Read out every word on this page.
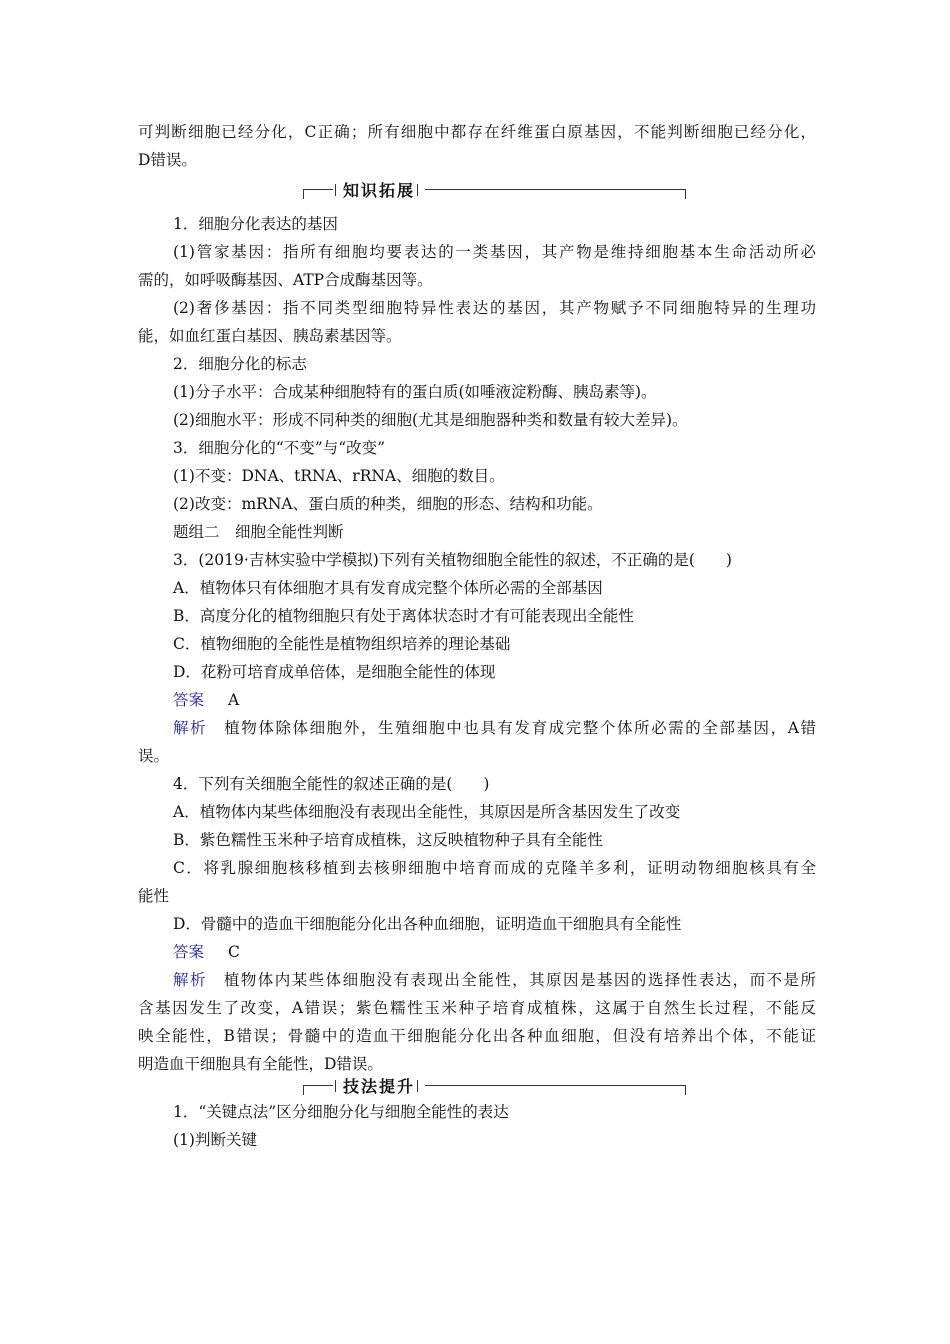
可判断细胞已经分化，C正确；所有细胞中都存在纤维蛋白原基因，不能判断细胞已经分化，
D错误。
知识拓展
1．细胞分化表达的基因
(1)管家基因：指所有细胞均要表达的一类基因，其产物是维持细胞基本生命活动所必
需的，如呼吸酶基因、ATP合成酶基因等。
(2)奢侈基因：指不同类型细胞特异性表达的基因，其产物赋予不同细胞特异的生理功
能，如血红蛋白基因、胰岛素基因等。
2．细胞分化的标志
(1)分子水平：合成某种细胞特有的蛋白质(如唾液淀粉酶、胰岛素等)。
(2)细胞水平：形成不同种类的细胞(尤其是细胞器种类和数量有较大差异)。
3．细胞分化的“不变”与“改变”
(1)不变：DNA、tRNA、rRNA、细胞的数目。
(2)改变：mRNA、蛋白质的种类，细胞的形态、结构和功能。
题组二　细胞全能性判断
3．(2019·吉林实验中学模拟)下列有关植物细胞全能性的叙述，不正确的是(　　)
A．植物体只有体细胞才具有发育成完整个体所必需的全部基因
B．高度分化的植物细胞只有处于离体状态时才有可能表现出全能性
C．植物细胞的全能性是植物组织培养的理论基础
D．花粉可培育成单倍体，是细胞全能性的体现
答案 A
解析　 植物体除体细胞外，生殖细胞中也具有发育成完整个体所必需的全部基因，A错
误。
4．下列有关细胞全能性的叙述正确的是(　　)
A．植物体内某些体细胞没有表现出全能性，其原因是所含基因发生了改变
B．紫色糯性玉米种子培育成植株，这反映植物种子具有全能性
C．将乳腺细胞核移植到去核卵细胞中培育而成的克隆羊多利，证明动物细胞核具有全
能性
D．骨髓中的造血干细胞能分化出各种血细胞，证明造血干细胞具有全能性
答案 C
解析　 植物体内某些体细胞没有表现出全能性，其原因是基因的选择性表达，而不是所
含基因发生了改变，A错误；紫色糯性玉米种子培育成植株，这属于自然生长过程，不能反
映全能性，B错误；骨髓中的造血干细胞能分化出各种血细胞，但没有培养出个体，不能证
明造血干细胞具有全能性，D错误。
技法提升
1．“关键点法”区分细胞分化与细胞全能性的表达
(1)判断关键
